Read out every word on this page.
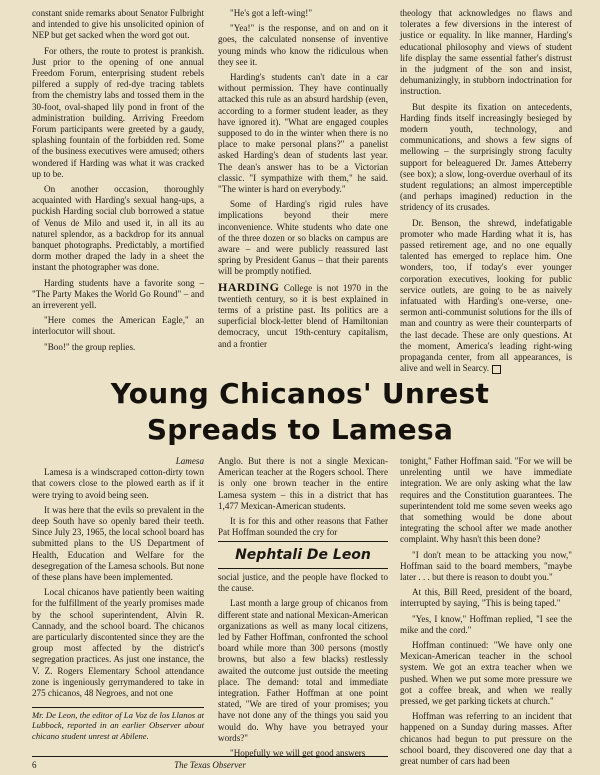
constant snide remarks about Senator Fulbright and intended to give his unsolicited opinion of NEP but get sacked when the word got out.

For others, the route to protest is prankish. Just prior to the opening of one annual Freedom Forum, enterprising student rebels pilfered a supply of red-dye tracing tablets from the chemistry labs and tossed them in the 30-foot, oval-shaped lily pond in front of the administration building. Arriving Freedom Forum participants were greeted by a gaudy, splashing fountain of the forbidden red. Some of the business executives were amused; others wondered if Harding was what it was cracked up to be.

On another occasion, thoroughly acquainted with Harding's sexual hang-ups, a puckish Harding social club borrowed a statue of Venus de Milo and used it, in all its au naturel splendor, as a backdrop for its annual banquet photographs. Predictably, a mortified dorm mother draped the lady in a sheet the instant the photographer was done.

Harding students have a favorite song – "The Party Makes the World Go Round" – and an irreverent yell.

"Here comes the American Eagle," an interlocutor will shout.

"Boo!" the group replies.

"He's got a left-wing!"

"Yea!" is the response, and on and on it goes, the calculated nonsense of inventive young minds who know the ridiculous when they see it.

Harding's students can't date in a car without permission. They have continually attacked this rule as an absurd hardship (even, according to a former student leader, as they have ignored it). "What are engaged couples supposed to do in the winter when there is no place to make personal plans?" a panelist asked Harding's dean of students last year. The dean's answer has to be a Victorian classic. "I sympathize with them," he said. "The winter is hard on everybody."

Some of Harding's rigid rules have implications beyond their mere inconvenience. White students who date one of the three dozen or so blacks on campus are aware – and were publicly reassured last spring by President Ganus – that their parents will be promptly notified.

HARDING College is not 1970 in the twentieth century, so it is best explained in terms of a pristine past. Its politics are a superficial block-letter blend of Hamiltonian democracy, uncut 19th-century capitalism, and a frontier

theology that acknowledges no flaws and tolerates a few diversions in the interest of justice or equality. In like manner, Harding's educational philosophy and views of student life display the same essential father's distrust in the judgment of the son and insist, dehumanizingly, in stubborn indoctrination for instruction.

But despite its fixation on antecedents, Harding finds itself increasingly besieged by modern youth, technology, and communications, and shows a few signs of mellowing – the surprisingly strong faculty support for beleaguered Dr. James Atteberry (see box); a slow, long-overdue overhaul of its student regulations; an almost imperceptible (and perhaps imagined) reduction in the stridency of its crusades.

Dr. Benson, the shrewd, indefatigable promoter who made Harding what it is, has passed retirement age, and no one equally talented has emerged to replace him. One wonders, too, if today's ever younger corporation executives, looking for public service outlets, are going to be as naively infatuated with Harding's one-verse, one-sermon anti-communist solutions for the ills of man and country as were their counterparts of the last decade. These are only questions. At the moment, America's leading right-wing propaganda center, from all appearances, is alive and well in Searcy.

Young Chicanos' Unrest
Spreads to Lamesa

Lamesa

Lamesa is a windscraped cotton-dirty town that cowers close to the plowed earth as if it were trying to avoid being seen.

It was here that the evils so prevalent in the deep South have so openly bared their teeth. Since July 23, 1965, the local school board has submitted plans to the US Department of Health, Education and Welfare for the desegregation of the Lamesa schools. But none of these plans have been implemented.

Local chicanos have patiently been waiting for the fulfillment of the yearly promises made by the school superintendent, Alvin R. Cannady, and the school board. The chicanos are particularly discontented since they are the group most affected by the district's segregation practices. As just one instance, the V. Z. Rogers Elementary School attendance zone is ingeniously gerrymandered to take in 275 chicanos, 48 Negroes, and not one

Mr. De Leon, the editor of La Voz de los Llanos at Lubbock, reported in an earlier Observer about chicano student unrest at Abilene.

Anglo. But there is not a single Mexican-American teacher at the Rogers school. There is only one brown teacher in the entire Lamesa system – this in a district that has 1,477 Mexican-American students.

It is for this and other reasons that Father Pat Hoffman sounded the cry for

Nephtali De Leon

social justice, and the people have flocked to the cause.

Last month a large group of chicanos from different state and national Mexican-American organizations as well as many local citizens, led by Father Hoffman, confronted the school board while more than 300 persons (mostly browns, but also a few blacks) restlessly awaited the outcome just outside the meeting place. The demand: total and immediate integration. Father Hoffman at one point stated, "We are tired of your promises; you have not done any of the things you said you would do. Why have you betrayed your words?"

"Hopefully we will get good answers

tonight," Father Hoffman said. "For we will be unrelenting until we have immediate integration. We are only asking what the law requires and the Constitution guarantees. The superintendent told me some seven weeks ago that something would be done about integrating the school after we made another complaint. Why hasn't this been done?

"I don't mean to be attacking you now," Hoffman said to the board members, "maybe later . . . but there is reason to doubt you."

At this, Bill Reed, president of the board, interrupted by saying, "This is being taped."

"Yes, I know," Hoffman replied, "I see the mike and the cord."

Hoffman continued: "We have only one Mexican-American teacher in the school system. We got an extra teacher when we pushed. When we put some more pressure we got a coffee break, and when we really pressed, we get parking tickets at church."

Hoffman was referring to an incident that happened on a Sunday during masses. After chicanos had begun to put pressure on the school board, they discovered one day that a great number of cars had been

6	The Texas Observer
